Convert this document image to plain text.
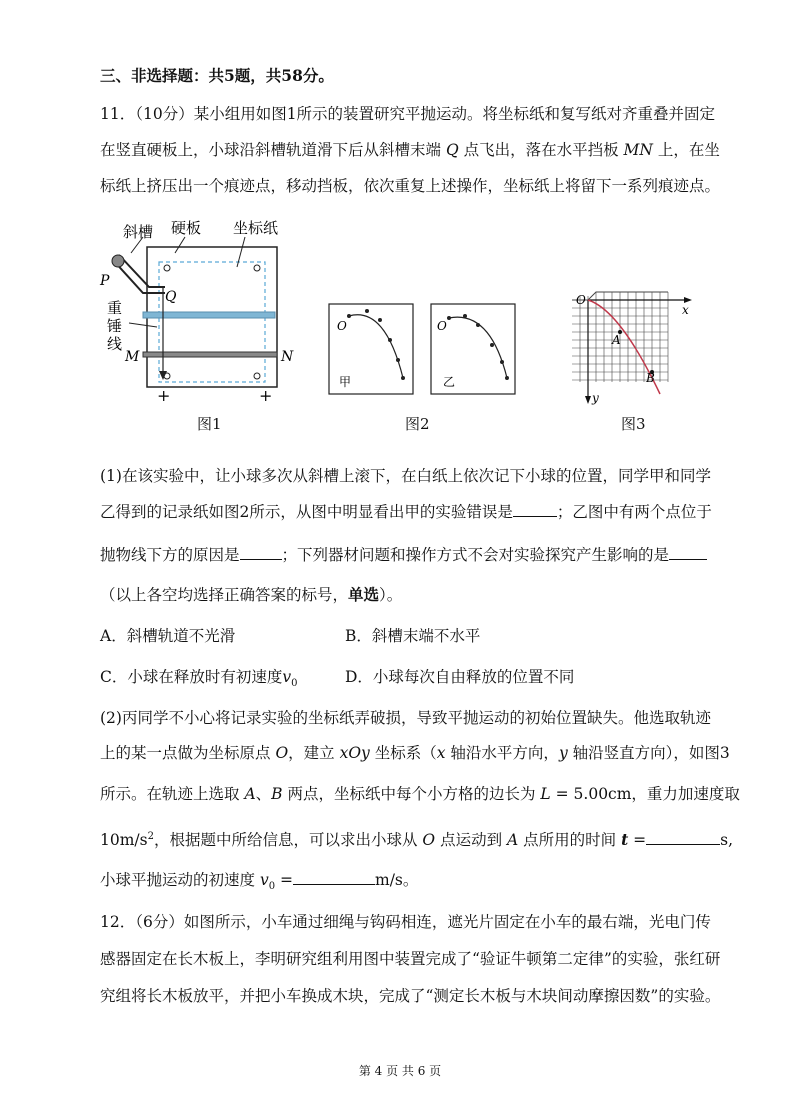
三、非选择题：共5题，共58分。
11．（10分）某小组用如图1所示的装置研究平抛运动。将坐标纸和复写纸对齐重叠并固定
在竖直硬板上，小球沿斜槽轨道滑下后从斜槽末端 Q 点飞出，落在水平挡板 MN 上，在坐
标纸上挤压出一个痕迹点，移动挡板，依次重复上述操作，坐标纸上将留下一系列痕迹点。
斜槽 硬板 坐标纸
P
Q
重
锤
线
M	N
+	+
图1
O	O
甲	乙
图2
O
x
y
A
B
图3
(1)在该实验中，让小球多次从斜槽上滚下，在白纸上依次记下小球的位置，同学甲和同学
乙得到的记录纸如图2所示，从图中明显看出甲的实验错误是	；乙图中有两个点位于
抛物线下方的原因是	；下列器材问题和操作方式不会对实验探究产生影响的是
（以上各空均选择正确答案的标号，单选）。
A．斜槽轨道不光滑	B．斜槽末端不水平
C．小球在释放时有初速度$v_0$	D．小球每次自由释放的位置不同
(2)丙同学不小心将记录实验的坐标纸弄破损，导致平抛运动的初始位置缺失。他选取轨迹
上的某一点做为坐标原点 O，建立 xOy 坐标系（x 轴沿水平方向，y 轴沿竖直方向），如图3
所示。在轨迹上选取 A、B 两点，坐标纸中每个小方格的边长为 L = 5.00cm，重力加速度取
$10m/s^2$，根据题中所给信息，可以求出小球从 O 点运动到 A 点所用的时间 t =	s,
小球平抛运动的初速度 $v_0$ =	m/s。
12．（6分）如图所示，小车通过细绳与钩码相连，遮光片固定在小车的最右端，光电门传
感器固定在长木板上，李明研究组利用图中装置完成了“验证牛顿第二定律”的实验，张红研
究组将长木板放平，并把小车换成木块，完成了“测定长木板与木块间动摩擦因数”的实验。
第 4 页 共 6 页
